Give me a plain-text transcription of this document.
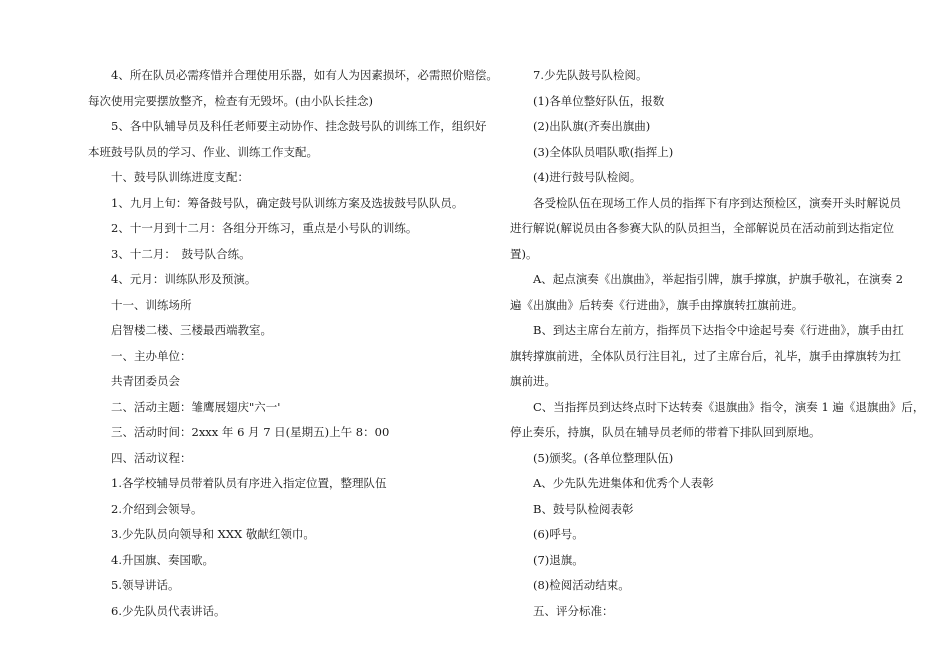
　　4、所在队员必需疼惜并合理使用乐器，如有人为因素损坏，必需照价赔偿。

每次使用完要摆放整齐，检查有无毁坏。(由小队长挂念)

　　5、各中队辅导员及科任老师要主动协作、挂念鼓号队的训练工作，组织好

本班鼓号队员的学习、作业、训练工作支配。

　　十、鼓号队训练进度支配：

　　1、九月上旬：筹备鼓号队，确定鼓号队训练方案及选拔鼓号队队员。

　　2、十一月到十二月：各组分开练习，重点是小号队的训练。

　　3、十二月：　鼓号队合练。

　　4、元月：训练队形及预演。

　　十一、训练场所

　　启智楼二楼、三楼最西端教室。

　　一、主办单位：

　　共青团委员会

　　二、活动主题：雏鹰展翅庆"六一'

　　三、活动时间：2xxx 年 6 月 7 日(星期五)上午 8：00

　　四、活动议程：

　　1.各学校辅导员带着队员有序进入指定位置，整理队伍

　　2.介绍到会领导。

　　3.少先队员向领导和 XXX 敬献红领巾。

　　4.升国旗、奏国歌。

　　5.领导讲话。

　　6.少先队员代表讲话。

　　7.少先队鼓号队检阅。

　　(1)各单位整好队伍，报数

　　(2)出队旗(齐奏出旗曲)

　　(3)全体队员唱队歌(指挥上)

　　(4)进行鼓号队检阅。

　　各受检队伍在现场工作人员的指挥下有序到达预检区，演奏开头时解说员

进行解说(解说员由各参赛大队的队员担当，全部解说员在活动前到达指定位

置)。

　　A、起点演奏《出旗曲》，举起指引牌，旗手撑旗，护旗手敬礼，在演奏 2

遍《出旗曲》后转奏《行进曲》，旗手由撑旗转扛旗前进。

　　B、到达主席台左前方，指挥员下达指令中途起号奏《行进曲》，旗手由扛

旗转撑旗前进，全体队员行注目礼，过了主席台后，礼毕，旗手由撑旗转为扛

旗前进。

　　C、当指挥员到达终点时下达转奏《退旗曲》指令，演奏 1 遍《退旗曲》后，

停止奏乐，持旗，队员在辅导员老师的带着下排队回到原地。

　　(5)颁奖。(各单位整理队伍)

　　A、少先队先进集体和优秀个人表彰

　　B、鼓号队检阅表彰

　　(6)呼号。

　　(7)退旗。

　　(8)检阅活动结束。

　　五、评分标准：
